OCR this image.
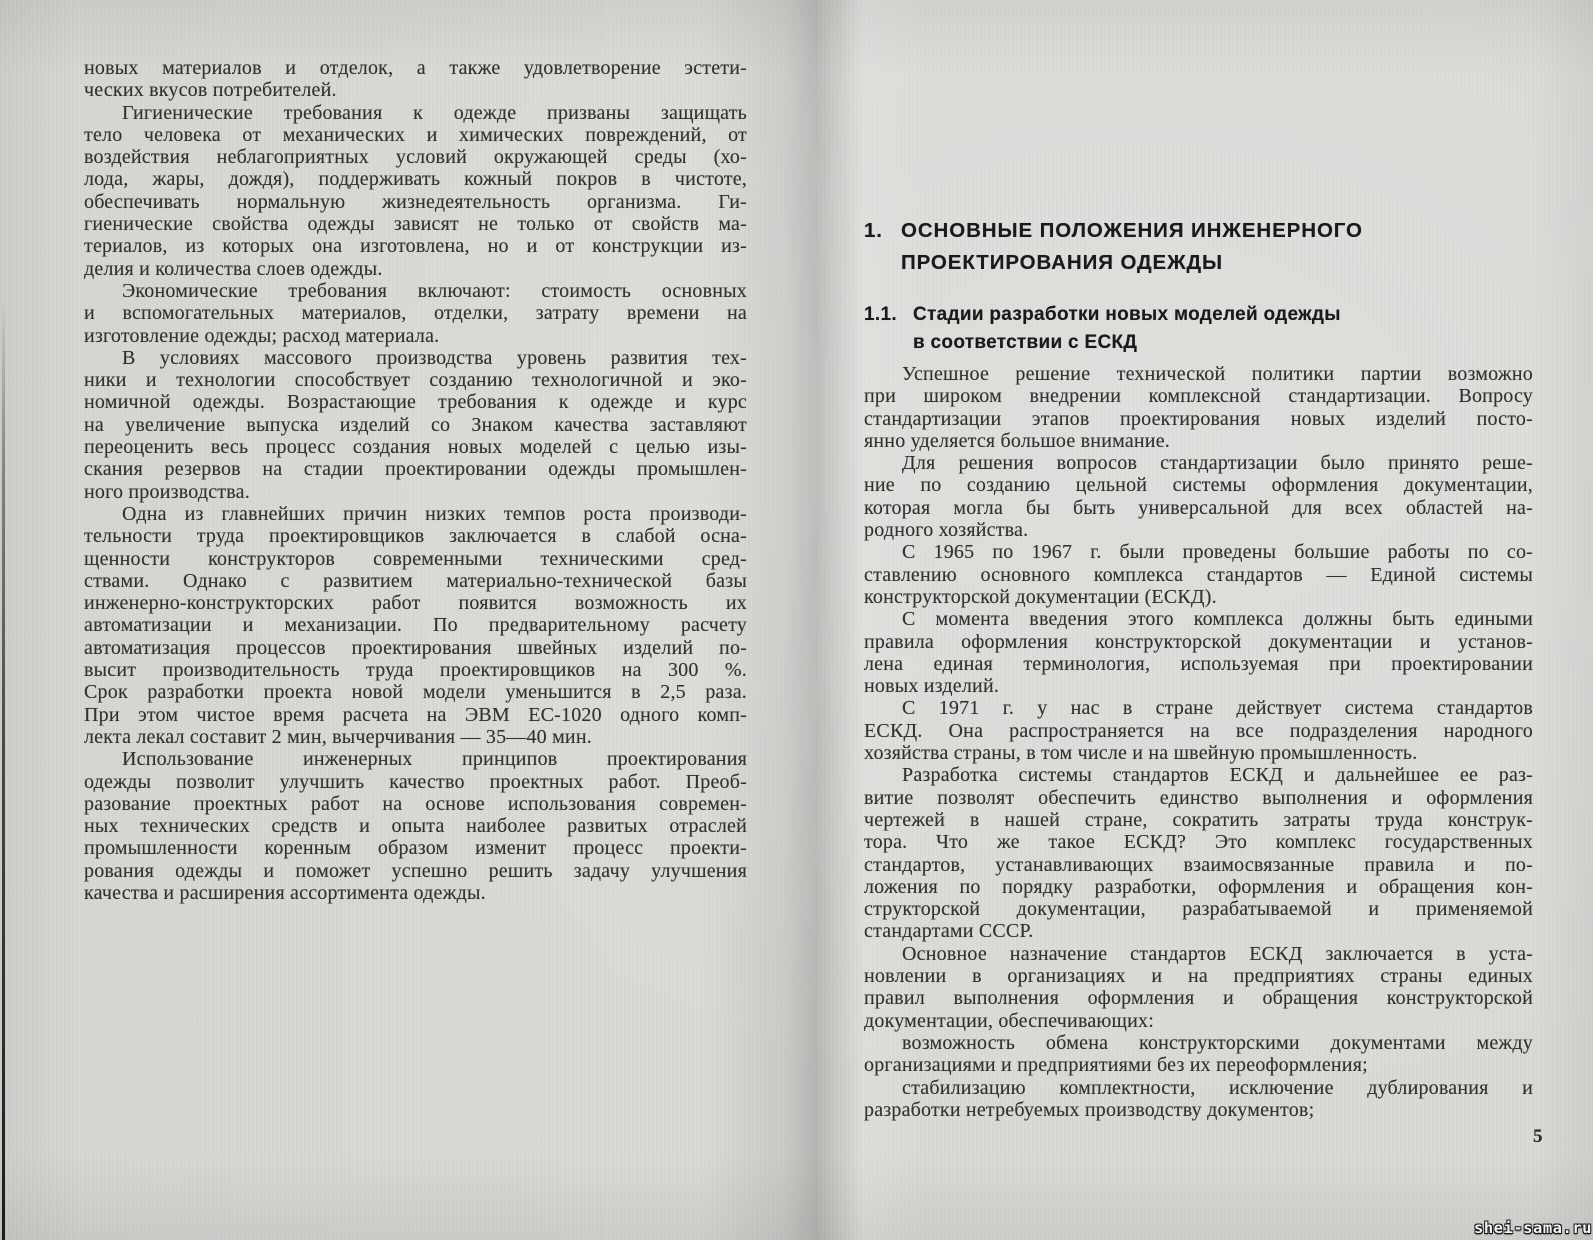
новых материалов и отделок, а также удовлетворение эстети-
ческих вкусов потребителей.
Гигиенические требования к одежде призваны защищать
тело человека от механических и химических повреждений, от
воздействия неблагоприятных условий окружающей среды (хо-
лода, жары, дождя), поддерживать кожный покров в чистоте,
обеспечивать нормальную жизнедеятельность организма. Ги-
гиенические свойства одежды зависят не только от свойств ма-
териалов, из которых она изготовлена, но и от конструкции из-
делия и количества слоев одежды.
Экономические требования включают: стоимость основных
и вспомогательных материалов, отделки, затрату времени на
изготовление одежды; расход материала.
В условиях массового производства уровень развития тех-
ники и технологии способствует созданию технологичной и эко-
номичной одежды. Возрастающие требования к одежде и курс
на увеличение выпуска изделий со Знаком качества заставляют
переоценить весь процесс создания новых моделей с целью изы-
скания резервов на стадии проектировании одежды промышлен-
ного производства.
Одна из главнейших причин низких темпов роста производи-
тельности труда проектировщиков заключается в слабой осна-
щенности конструкторов современными техническими сред-
ствами. Однако с развитием материально-технической базы
инженерно-конструкторских работ появится возможность их
автоматизации и механизации. По предварительному расчету
автоматизация процессов проектирования швейных изделий по-
высит производительность труда проектировщиков на 300 %.
Срок разработки проекта новой модели уменьшится в 2,5 раза.
При этом чистое время расчета на ЭВМ ЕС-1020 одного комп-
лекта лекал составит 2 мин, вычерчивания — 35—40 мин.
Использование инженерных принципов проектирования
одежды позволит улучшить качество проектных работ. Преоб-
разование проектных работ на основе использования современ-
ных технических средств и опыта наиболее развитых отраслей
промышленности коренным образом изменит процесс проекти-
рования одежды и поможет успешно решить задачу улучшения
качества и расширения ассортимента одежды.
1. ОСНОВНЫЕ ПОЛОЖЕНИЯ ИНЖЕНЕРНОГО
ПРОЕКТИРОВАНИЯ ОДЕЖДЫ
1.1. Стадии разработки новых моделей одежды
в соответствии с ЕСКД
Успешное решение технической политики партии возможно
при широком внедрении комплексной стандартизации. Вопросу
стандартизации этапов проектирования новых изделий посто-
янно уделяется большое внимание.
Для решения вопросов стандартизации было принято реше-
ние по созданию цельной системы оформления документации,
которая могла бы быть универсальной для всех областей на-
родного хозяйства.
С 1965 по 1967 г. были проведены большие работы по со-
ставлению основного комплекса стандартов — Единой системы
конструкторской документации (ЕСКД).
С момента введения этого комплекса должны быть едиными
правила оформления конструкторской документации и установ-
лена единая терминология, используемая при проектировании
новых изделий.
С 1971 г. у нас в стране действует система стандартов
ЕСКД. Она распространяется на все подразделения народного
хозяйства страны, в том числе и на швейную промышленность.
Разработка системы стандартов ЕСКД и дальнейшее ее раз-
витие позволят обеспечить единство выполнения и оформления
чертежей в нашей стране, сократить затраты труда конструк-
тора. Что же такое ЕСКД? Это комплекс государственных
стандартов, устанавливающих взаимосвязанные правила и по-
ложения по порядку разработки, оформления и обращения кон-
структорской документации, разрабатываемой и применяемой
стандартами СССР.
Основное назначение стандартов ЕСКД заключается в уста-
новлении в организациях и на предприятиях страны единых
правил выполнения оформления и обращения конструкторской
документации, обеспечивающих:
возможность обмена конструкторскими документами между
организациями и предприятиями без их переоформления;
стабилизацию комплектности, исключение дублирования и
разработки нетребуемых производству документов;
5
shei-sama.ru
